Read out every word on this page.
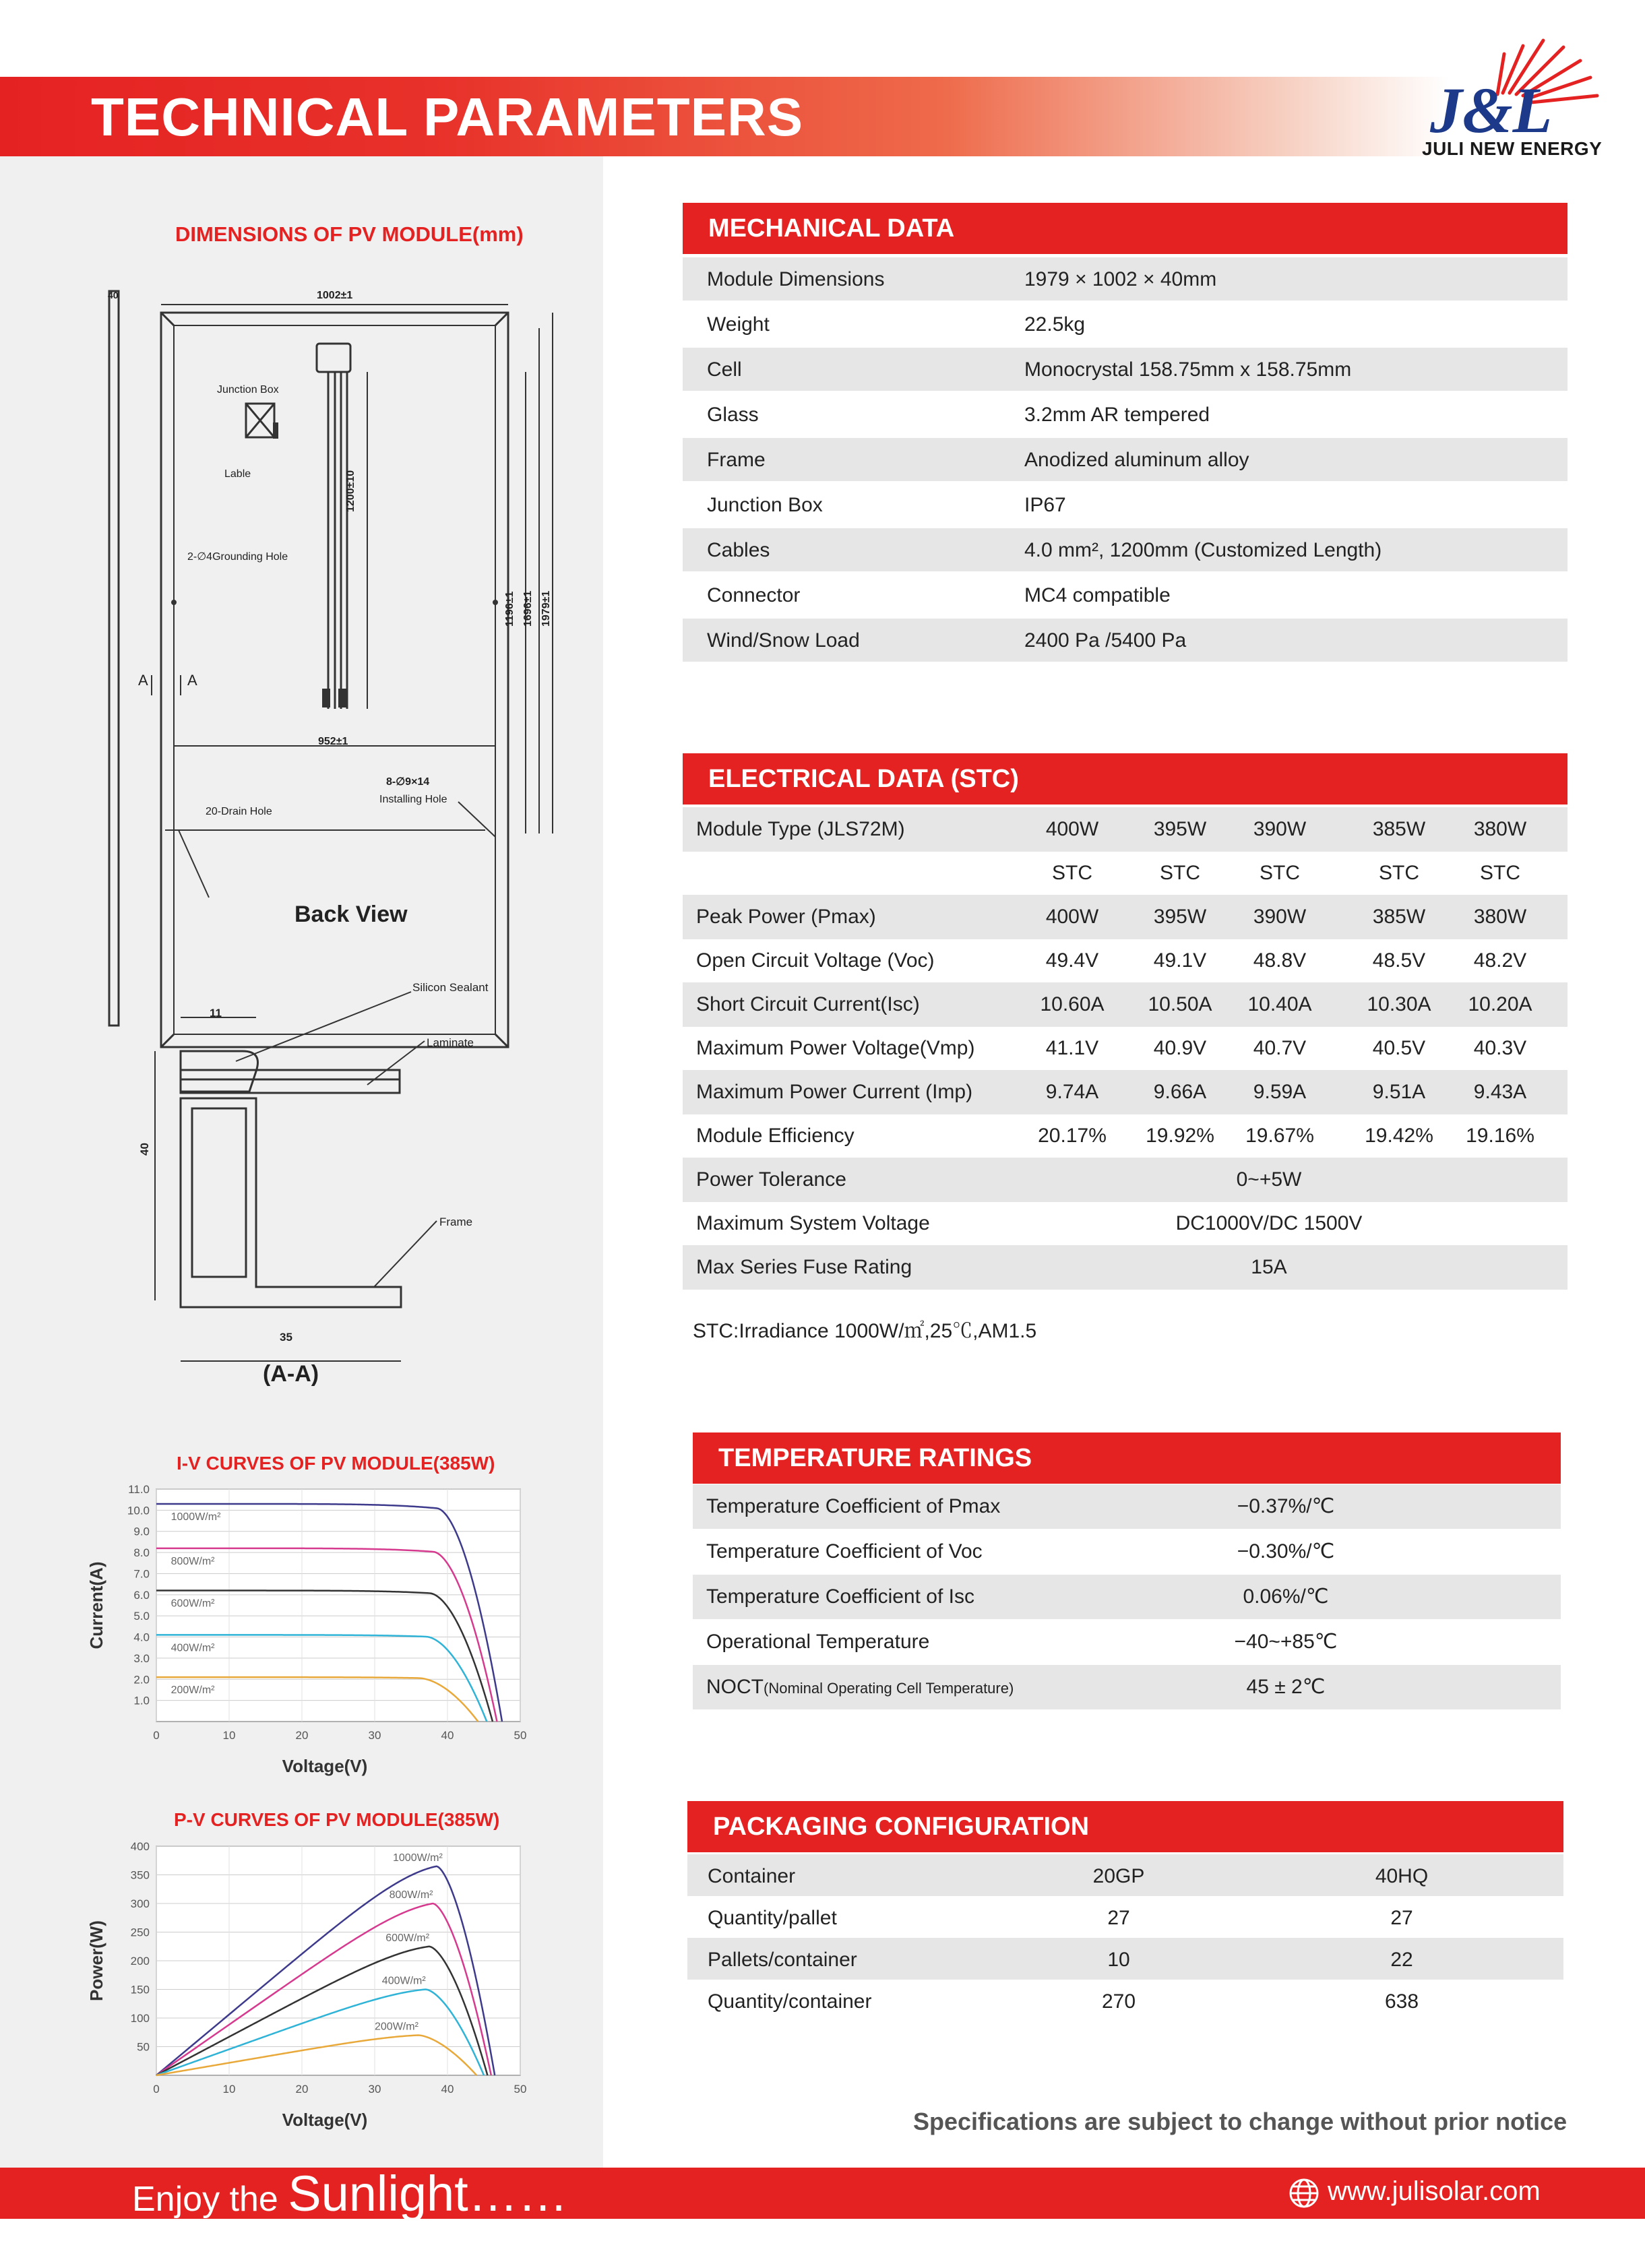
TECHNICAL PARAMETERS	J&L
JULI NEW ENERGY
DIMENSIONS OF PV MODULE(mm)
40	1002±1
Junction Box
Lable
2-∅4Grounding Hole
1200±10
1196±1 1696±1 1979±1
952±1
20-Drain Hole
8-∅9×14
Installing Hole
A	A
Back View
Silicon Sealant
Laminate
Frame
11
40
35
(A-A)
I-V CURVES OF PV MODULE(385W)
1.0
2.0
3.0
4.0
5.0
6.0
7.0
8.0
9.0
10.0
11.0
0	10	20	30	40	50
Voltage(V)
Current(A)
1000W/m²
800W/m²
600W/m²
400W/m²
200W/m²
P-V CURVES OF PV MODULE(385W)
50
100
150
200
250
300
350
400
0	10	20	30	40	50
Voltage(V)
Power(W)
1000W/m²
800W/m²
600W/m²
400W/m²
200W/m²
MECHANICAL DATA
Module Dimensions	1979 × 1002 × 40mm
Weight	22.5kg
Cell	Monocrystal 158.75mm x 158.75mm
Glass	3.2mm AR tempered
Frame	Anodized aluminum alloy
Junction Box	IP67
Cables	4.0 mm², 1200mm (Customized Length)
Connector	MC4 compatible
Wind/Snow Load	2400 Pa /5400 Pa
ELECTRICAL DATA (STC)
Module Type (JLS72M)	400W	395W	390W	385W	380W
STC	STC	STC	STC	STC
Peak Power (Pmax)	400W	395W	390W	385W	380W
Open Circuit Voltage (Voc)	49.4V	49.1V	48.8V	48.5V	48.2V
Short Circuit Current(Isc)	10.60A	10.50A	10.40A	10.30A	10.20A
Maximum Power Voltage(Vmp)	41.1V	40.9V	40.7V	40.5V	40.3V
Maximum Power Current (Imp)	9.74A	9.66A	9.59A	9.51A	9.43A
Module Efficiency	20.17%	19.92%	19.67%	19.42%	19.16%
Power Tolerance	0~+5W
Maximum System Voltage	DC1000V/DC 1500V
Max Series Fuse Rating	15A
STC:Irradiance 1000W/㎡,25℃,AM1.5
TEMPERATURE RATINGS
Temperature Coefficient of Pmax	−0.37%/℃
Temperature Coefficient of Voc	−0.30%/℃
Temperature Coefficient of Isc	0.06%/℃
Operational Temperature	−40~+85℃
NOCT(Nominal Operating Cell Temperature)	45 ± 2℃
PACKAGING CONFIGURATION
Container	20GP	40HQ
Quantity/pallet	27	27
Pallets/container	10	22
Quantity/container	270	638
Specifications are subject to change without prior notice
Enjoy the Sunlight……	www.julisolar.com
